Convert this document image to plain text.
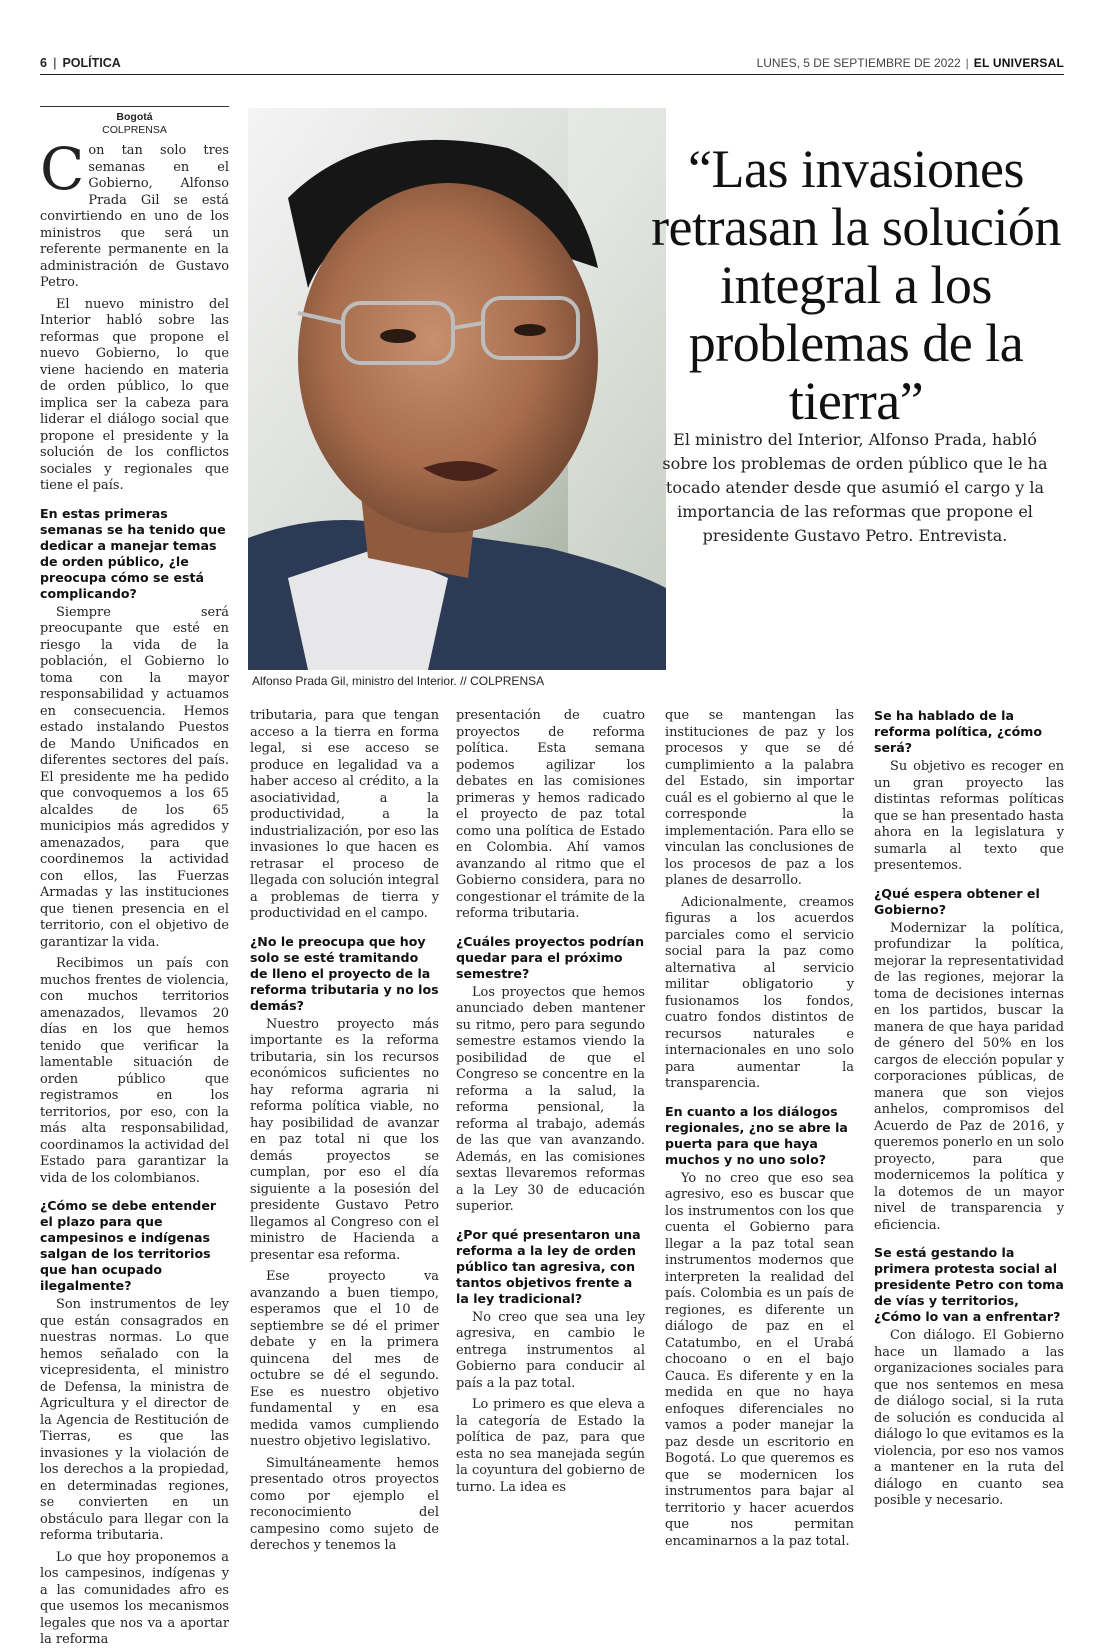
6 | POLÍTICA	LUNES, 5 DE SEPTIEMBRE DE 2022 | EL UNIVERSAL
Bogotá
COLPRENSA

Con tan solo tres semanas en el Gobierno, Alfonso Prada Gil se está convirtiendo en uno de los ministros que será un referente permanente en la administración de Gustavo Petro.

El nuevo ministro del Interior habló sobre las reformas que propone el nuevo Gobierno, lo que viene haciendo en materia de orden público, lo que implica ser la cabeza para liderar el diálogo social que propone el presidente y la solución de los conflictos sociales y regionales que tiene el país.

En estas primeras semanas se ha tenido que dedicar a manejar temas de orden público, ¿le preocupa cómo se está complicando?

Siempre será preocupante que esté en riesgo la vida de la población, el Gobierno lo toma con la mayor responsabilidad y actuamos en consecuencia. Hemos estado instalando Puestos de Mando Unificados en diferentes sectores del país. El presidente me ha pedido que convoquemos a los 65 alcaldes de los 65 municipios más agredidos y amenazados, para que coordinemos la actividad con ellos, las Fuerzas Armadas y las instituciones que tienen presencia en el territorio, con el objetivo de garantizar la vida.

Recibimos un país con muchos frentes de violencia, con muchos territorios amenazados, llevamos 20 días en los que hemos tenido que verificar la lamentable situación de orden público que registramos en los territorios, por eso, con la más alta responsabilidad, coordinamos la actividad del Estado para garantizar la vida de los colombianos.

¿Cómo se debe entender el plazo para que campesinos e indígenas salgan de los territorios que han ocupado ilegalmente?

Son instrumentos de ley que están consagrados en nuestras normas. Lo que hemos señalado con la vicepresidenta, el ministro de Defensa, la ministra de Agricultura y el director de la Agencia de Restitución de Tierras, es que las invasiones y la violación de los derechos a la propiedad, en determinadas regiones, se convierten en un obstáculo para llegar con la reforma tributaria.

Lo que hoy proponemos a los campesinos, indígenas y a las comunidades afro es que usemos los mecanismos legales que nos va a aportar la reforma

Alfonso Prada Gil, ministro del Interior. // COLPRENSA
“Las invasiones retrasan la solución integral a los problemas de la tierra”
El ministro del Interior, Alfonso Prada, habló sobre los problemas de orden público que le ha tocado atender desde que asumió el cargo y la importancia de las reformas que propone el presidente Gustavo Petro. Entrevista.

tributaria, para que tengan acceso a la tierra en forma legal, si ese acceso se produce en legalidad va a haber acceso al crédito, a la asociatividad, a la productividad, a la industrialización, por eso las invasiones lo que hacen es retrasar el proceso de llegada con solución integral a problemas de tierra y productividad en el campo.

¿No le preocupa que hoy solo se esté tramitando de lleno el proyecto de la reforma tributaria y no los demás?

Nuestro proyecto más importante es la reforma tributaria, sin los recursos económicos suficientes no hay reforma agraria ni reforma política viable, no hay posibilidad de avanzar en paz total ni que los demás proyectos se cumplan, por eso el día siguiente a la posesión del presidente Gustavo Petro llegamos al Congreso con el ministro de Hacienda a presentar esa reforma.

Ese proyecto va avanzando a buen tiempo, esperamos que el 10 de septiembre se dé el primer debate y en la primera quincena del mes de octubre se dé el segundo. Ese es nuestro objetivo fundamental y en esa medida vamos cumpliendo nuestro objetivo legislativo.

Simultáneamente hemos presentado otros proyectos como por ejemplo el reconocimiento del campesino como sujeto de derechos y tenemos la

presentación de cuatro proyectos de reforma política. Esta semana podemos agilizar los debates en las comisiones primeras y hemos radicado el proyecto de paz total como una política de Estado en Colombia. Ahí vamos avanzando al ritmo que el Gobierno considera, para no congestionar el trámite de la reforma tributaria.

¿Cuáles proyectos podrían quedar para el próximo semestre?

Los proyectos que hemos anunciado deben mantener su ritmo, pero para segundo semestre estamos viendo la posibilidad de que el Congreso se concentre en la reforma a la salud, la reforma pensional, la reforma al trabajo, además de las que van avanzando. Además, en las comisiones sextas llevaremos reformas a la Ley 30 de educación superior.

¿Por qué presentaron una reforma a la ley de orden público tan agresiva, con tantos objetivos frente a la ley tradicional?

No creo que sea una ley agresiva, en cambio le entrega instrumentos al Gobierno para conducir al país a la paz total.

Lo primero es que eleva a la categoría de Estado la política de paz, para que esta no sea manejada según la coyuntura del gobierno de turno. La idea es

que se mantengan las instituciones de paz y los procesos y que se dé cumplimiento a la palabra del Estado, sin importar cuál es el gobierno al que le corresponde la implementación. Para ello se vinculan las conclusiones de los procesos de paz a los planes de desarrollo.

Adicionalmente, creamos figuras a los acuerdos parciales como el servicio social para la paz como alternativa al servicio militar obligatorio y fusionamos los fondos, cuatro fondos distintos de recursos naturales e internacionales en uno solo para aumentar la transparencia.

En cuanto a los diálogos regionales, ¿no se abre la puerta para que haya muchos y no uno solo?

Yo no creo que eso sea agresivo, eso es buscar que los instrumentos con los que cuenta el Gobierno para llegar a la paz total sean instrumentos modernos que interpreten la realidad del país. Colombia es un país de regiones, es diferente un diálogo de paz en el Catatumbo, en el Urabá chocoano o en el bajo Cauca. Es diferente y en la medida en que no haya enfoques diferenciales no vamos a poder manejar la paz desde un escritorio en Bogotá. Lo que queremos es que se modernicen los instrumentos para bajar al territorio y hacer acuerdos que nos permitan encaminarnos a la paz total.

Se ha hablado de la reforma política, ¿cómo será?

Su objetivo es recoger en un gran proyecto las distintas reformas políticas que se han presentado hasta ahora en la legislatura y sumarla al texto que presentemos.

¿Qué espera obtener el Gobierno?

Modernizar la política, profundizar la política, mejorar la representatividad de las regiones, mejorar la toma de decisiones internas en los partidos, buscar la manera de que haya paridad de género del 50% en los cargos de elección popular y corporaciones públicas, de manera que son viejos anhelos, compromisos del Acuerdo de Paz de 2016, y queremos ponerlo en un solo proyecto, para que modernicemos la política y la dotemos de un mayor nivel de transparencia y eficiencia.

Se está gestando la primera protesta social al presidente Petro con toma de vías y territorios, ¿Cómo lo van a enfrentar?

Con diálogo. El Gobierno hace un llamado a las organizaciones sociales para que nos sentemos en mesa de diálogo social, si la ruta de solución es conducida al diálogo lo que evitamos es la violencia, por eso nos vamos a mantener en la ruta del diálogo en cuanto sea posible y necesario.
